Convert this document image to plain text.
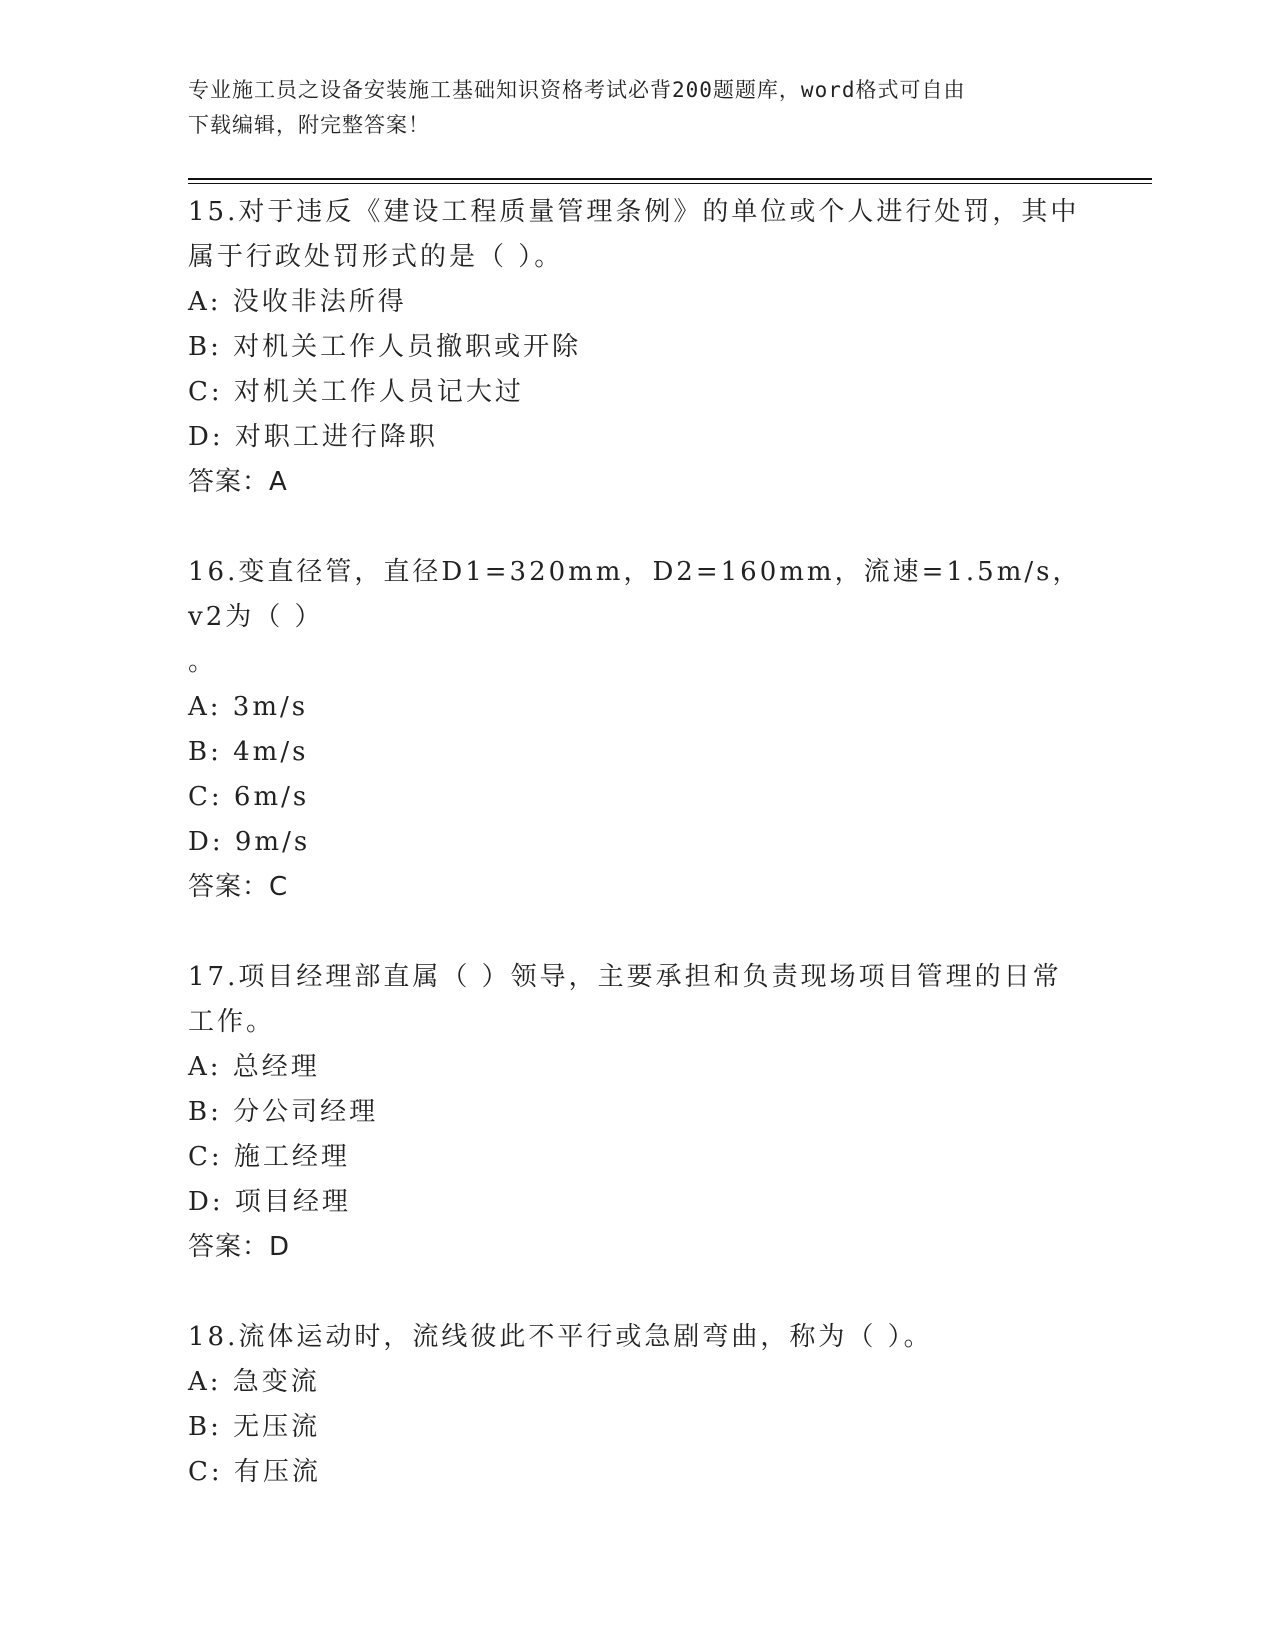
专业施工员之设备安装施工基础知识资格考试必背200题题库，word格式可自由
下载编辑，附完整答案！

15.对于违反《建设工程质量管理条例》的单位或个人进行处罚，其中

属于行政处罚形式的是（ ）。

A: 没收非法所得

B: 对机关工作人员撤职或开除

C: 对机关工作人员记大过

D: 对职工进行降职

答案：A

16.变直径管，直径D1=320mm，D2=160mm，流速=1.5m/s，v2为（ ）

。

A: 3m/s

B: 4m/s

C: 6m/s

D: 9m/s

答案：C

17.项目经理部直属（ ）领导，主要承担和负责现场项目管理的日常

工作。

A: 总经理

B: 分公司经理

C: 施工经理

D: 项目经理

答案：D

18.流体运动时，流线彼此不平行或急剧弯曲，称为（ ）。

A: 急变流

B: 无压流

C: 有压流
